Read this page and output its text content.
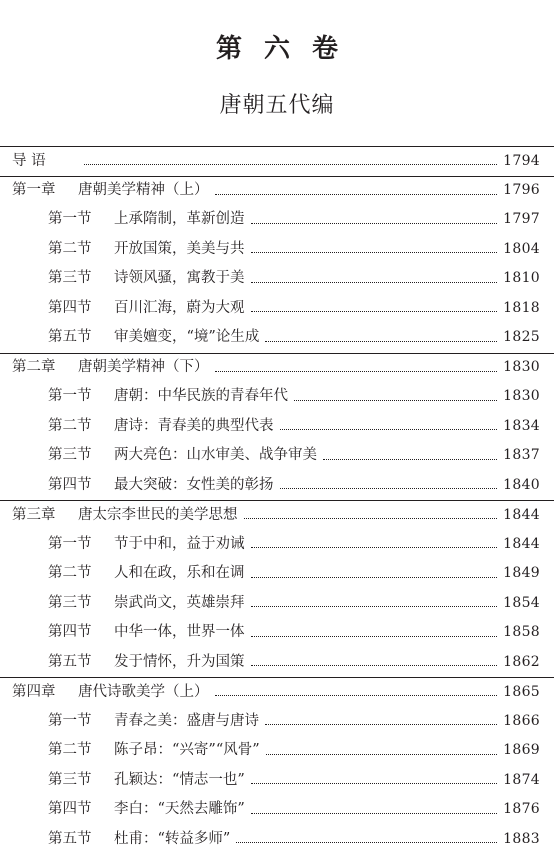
第六卷
唐朝五代编
导 语	1794
第一章	唐朝美学精神（上）	1796
第一节	上承隋制，革新创造	1797
第二节	开放国策，美美与共	1804
第三节	诗领风骚，寓教于美	1810
第四节	百川汇海，蔚为大观	1818
第五节	审美嬗变，“境”论生成	1825
第二章	唐朝美学精神（下）	1830
第一节	唐朝：中华民族的青春年代	1830
第二节	唐诗：青春美的典型代表	1834
第三节	两大亮色：山水审美、战争审美	1837
第四节	最大突破：女性美的彰扬	1840
第三章	唐太宗李世民的美学思想	1844
第一节	节于中和，益于劝诫	1844
第二节	人和在政，乐和在调	1849
第三节	崇武尚文，英雄崇拜	1854
第四节	中华一体，世界一体	1858
第五节	发于情怀，升为国策	1862
第四章	唐代诗歌美学（上）	1865
第一节	青春之美：盛唐与唐诗	1866
第二节	陈子昂：“兴寄”“风骨”	1869
第三节	孔颖达：“情志一也”	1874
第四节	李白：“天然去雕饰”	1876
第五节	杜甫：“转益多师”	1883
